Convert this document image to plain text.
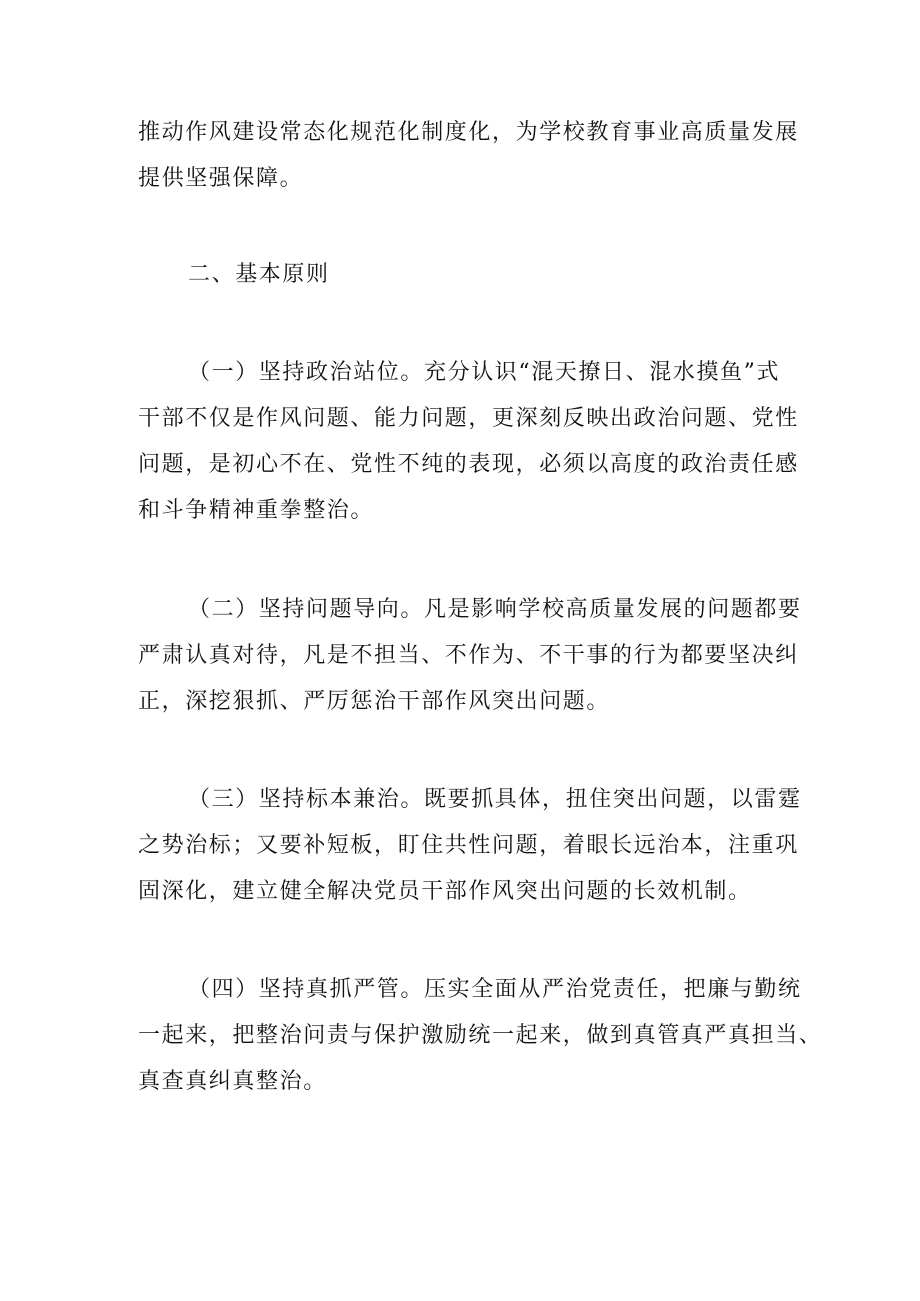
推动作风建设常态化规范化制度化，为学校教育事业高质量发展
提供坚强保障。
二、基本原则
（一）坚持政治站位。充分认识“混天撩日、混水摸鱼”式
干部不仅是作风问题、能力问题，更深刻反映出政治问题、党性
问题，是初心不在、党性不纯的表现，必须以高度的政治责任感
和斗争精神重拳整治。
（二）坚持问题导向。凡是影响学校高质量发展的问题都要
严肃认真对待，凡是不担当、不作为、不干事的行为都要坚决纠
正，深挖狠抓、严厉惩治干部作风突出问题。
（三）坚持标本兼治。既要抓具体，扭住突出问题，以雷霆
之势治标；又要补短板，盯住共性问题，着眼长远治本，注重巩
固深化，建立健全解决党员干部作风突出问题的长效机制。
（四）坚持真抓严管。压实全面从严治党责任，把廉与勤统
一起来，把整治问责与保护激励统一起来，做到真管真严真担当、
真查真纠真整治。
